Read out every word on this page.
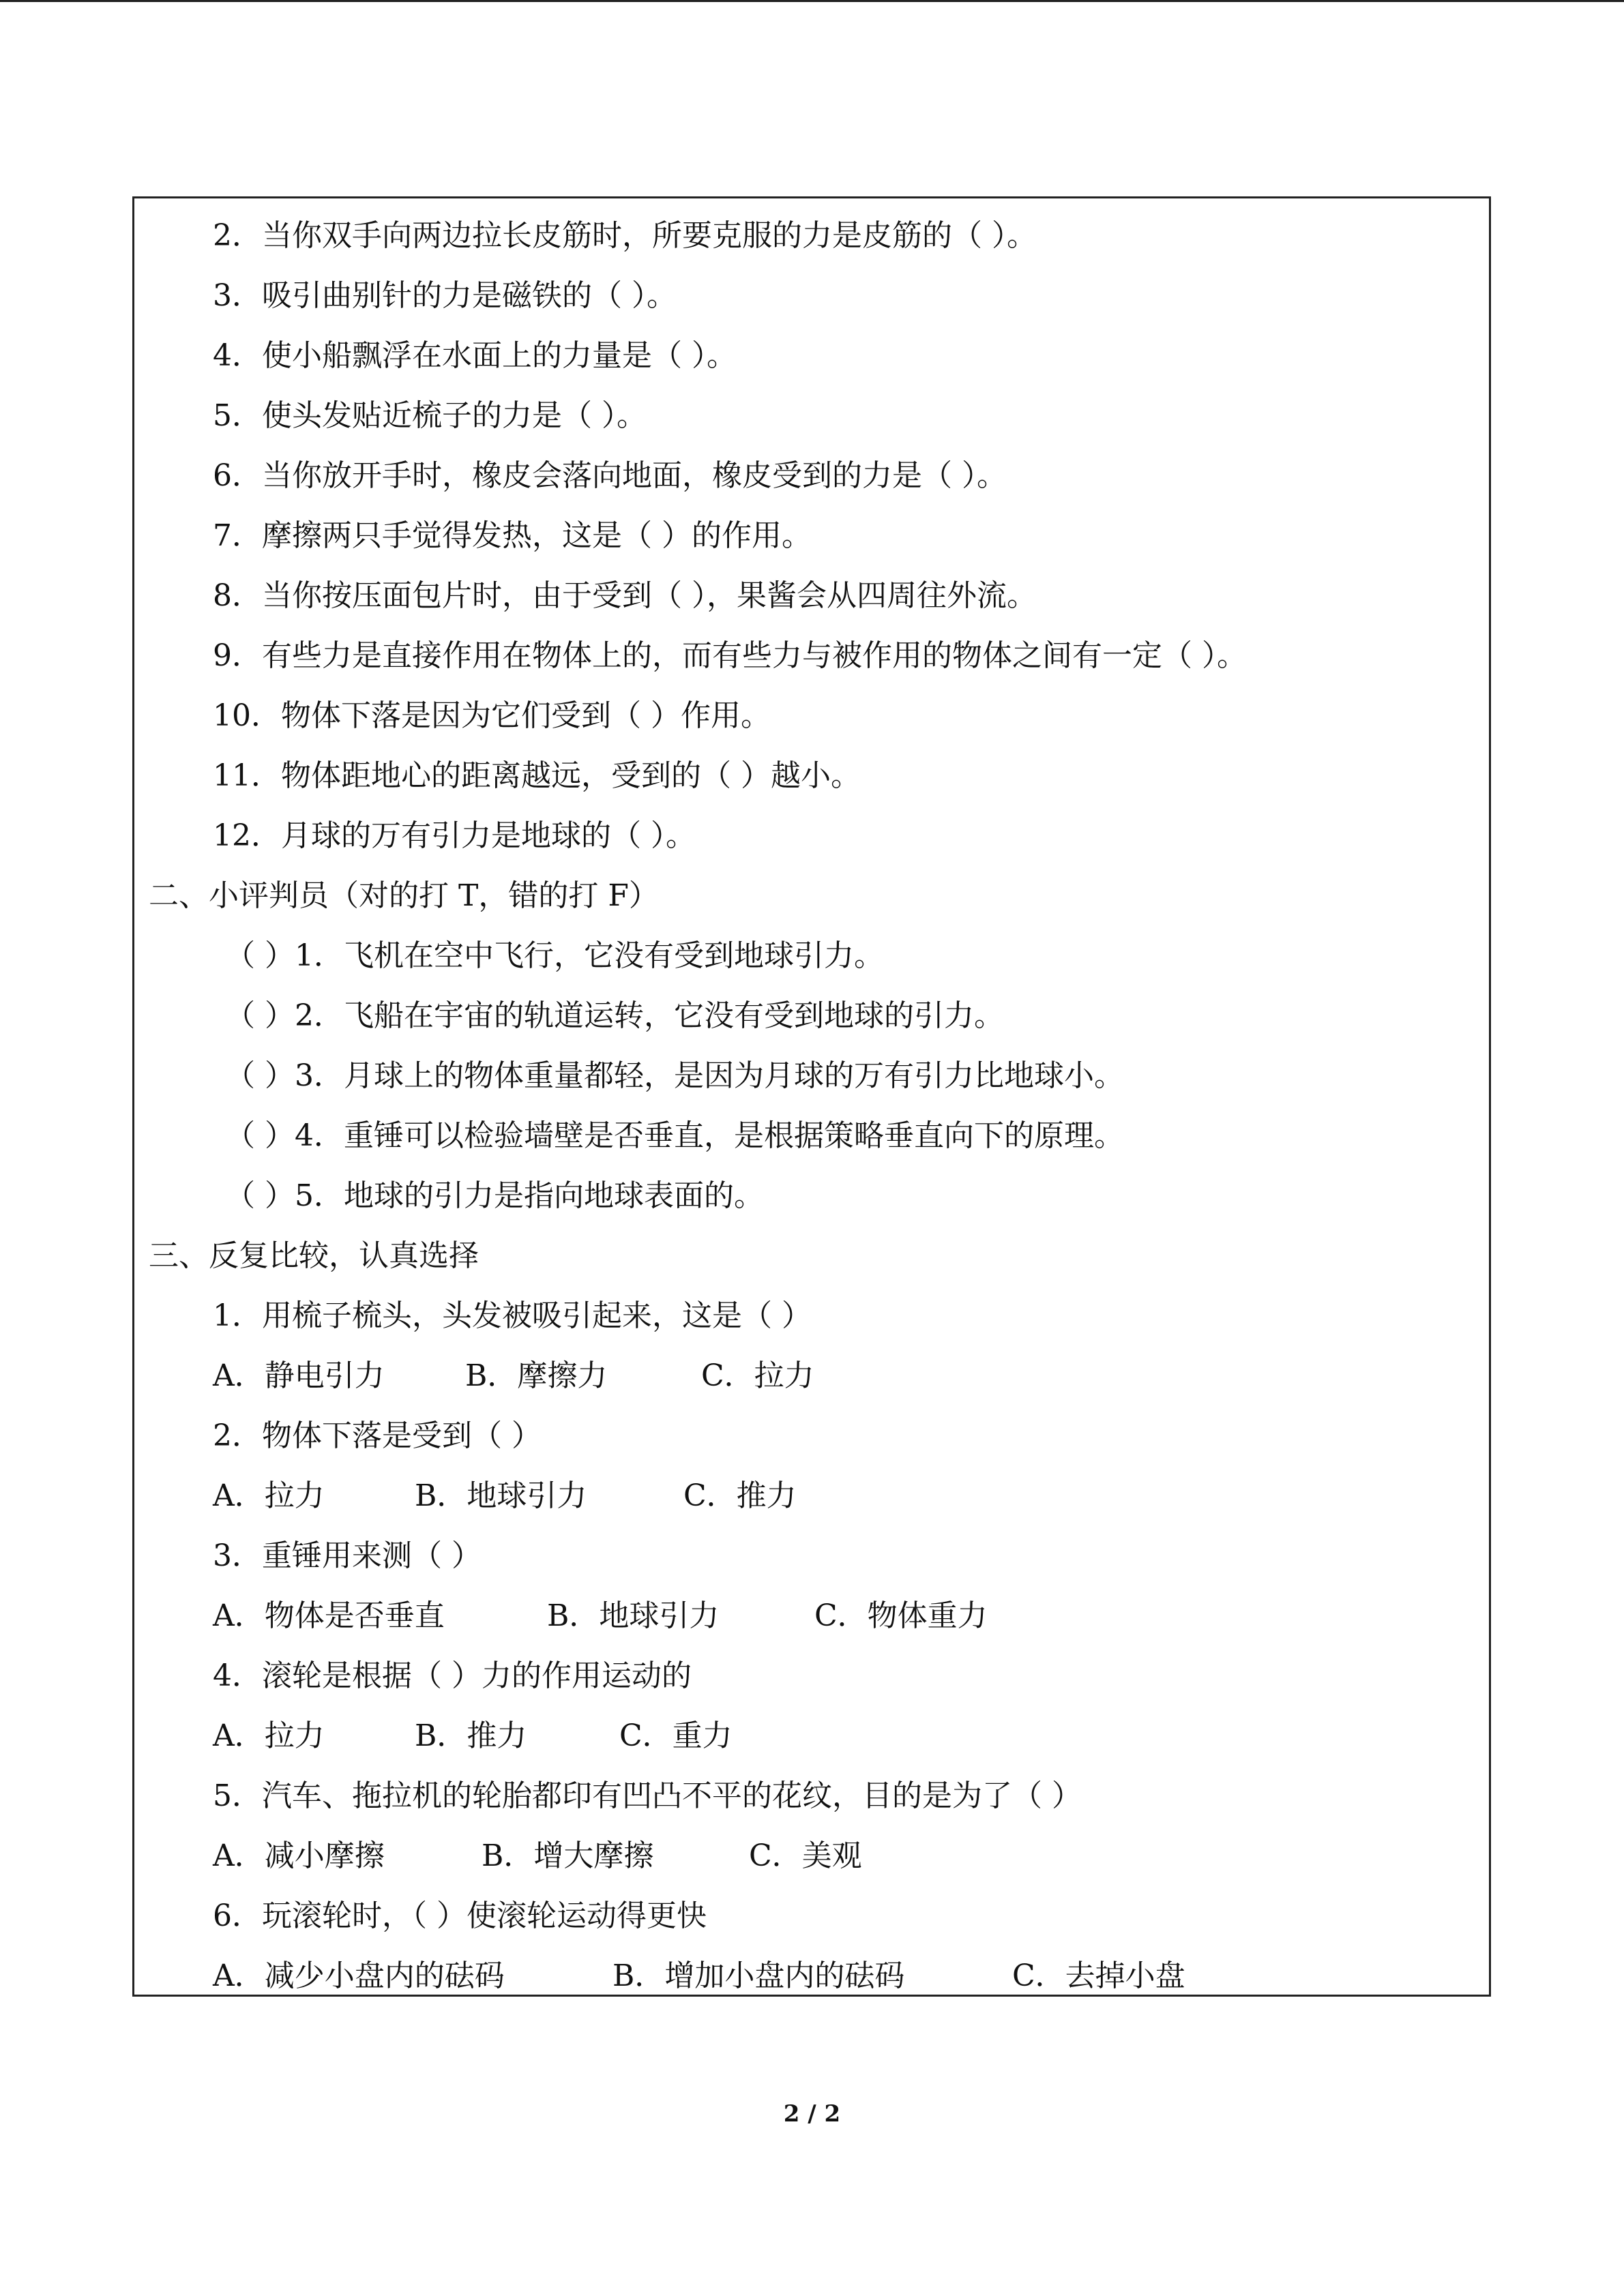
2．当你双手向两边拉长皮筋时，所要克服的力是皮筋的（ ）。
3．吸引曲别针的力是磁铁的（ ）。
4．使小船飘浮在水面上的力量是（ ）。
5．使头发贴近梳子的力是（ ）。
6．当你放开手时，橡皮会落向地面，橡皮受到的力是（ ）。
7．摩擦两只手觉得发热，这是（ ）的作用。
8．当你按压面包片时，由于受到（ ），果酱会从四周往外流。
9．有些力是直接作用在物体上的，而有些力与被作用的物体之间有一定（ ）。
10．物体下落是因为它们受到（ ）作用。
11．物体距地心的距离越远，受到的（ ）越小。
12．月球的万有引力是地球的（ ）。
二、小评判员（对的打 T，错的打 F）
（ ）1．飞机在空中飞行，它没有受到地球引力。
（ ）2．飞船在宇宙的轨道运转，它没有受到地球的引力。
（ ）3．月球上的物体重量都轻，是因为月球的万有引力比地球小。
（ ）4．重锤可以检验墙壁是否垂直，是根据策略垂直向下的原理。
（ ）5．地球的引力是指向地球表面的。
三、反复比较，认真选择
1．用梳子梳头，头发被吸引起来，这是（ ）
A．静电引力	B．摩擦力	C．拉力
2．物体下落是受到（ ）
A．拉力	B．地球引力	C．推力
3．重锤用来测（ ）
A．物体是否垂直	B．地球引力	C．物体重力
4．滚轮是根据（ ）力的作用运动的
A．拉力	B．推力	C．重力
5．汽车、拖拉机的轮胎都印有凹凸不平的花纹，目的是为了（ ）
A．减小摩擦	B．增大摩擦	C．美观
6．玩滚轮时，（ ）使滚轮运动得更快
A．减少小盘内的砝码	B．增加小盘内的砝码	C．去掉小盘
2 / 2
